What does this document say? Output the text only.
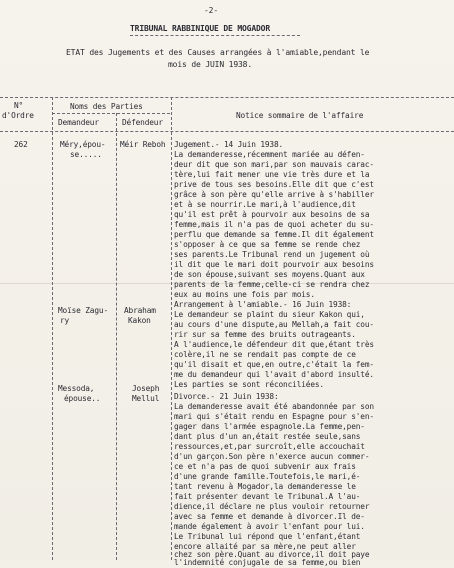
-2-
TRIBUNAL RABBINIQUE DE MOGADOR
ETAT des Jugements et des Causes arrangées à l'amiable,pendant le
mois de JUIN 1938.
N°
d'Ordre
Noms des Parties
Demandeur	Défendeur
Notice sommaire de l'affaire
262	Méry,épou-
se.....
Méir Reboh Jugement.- 14 Juin 1938.
La demanderesse,récemment mariée au défen-
deur dit que son mari,par son mauvais carac-
tère,lui fait mener une vie très dure et la
prive de tous ses besoins.Elle dit que c'est
grâce à son père qu'elle arrive à s'habiller
et à se nourrir.Le mari,à l'audience,dit
qu'il est prêt à pourvoir aux besoins de sa
femme,mais il n'a pas de quoi acheter du su-
perflu que demande sa femme.Il dit également
s'opposer à ce que sa femme se rende chez
ses parents.Le Tribunal rend un jugement où
il dit que le mari doit pourvoir aux besoins
de son épouse,suivant ses moyens.Quant aux
parents de la femme,celle-ci se rendra chez
eux au moins une fois par mois.
Moïse Zagu-
ry
Abraham
Kakon
Arrangement à l'amiable.- 16 Juin 1938:
Le demandeur se plaint du sieur Kakon qui,
au cours d'une dispute,au Mellah,a fait cou-
rir sur sa femme des bruits outrageants.
A l'audience,le défendeur dit que,étant très
colère,il ne se rendait pas compte de ce
qu'il disait et que,en outre,c'était la fem-
me du demandeur qui l'avait d'abord insulté.
Les parties se sont réconciliées.
Messoda,
épouse..
Joseph
Mellul Divorce.- 21 Juin 1938:
La demanderesse avait été abandonnée par son
mari qui s'était rendu en Espagne pour s'en-
gager dans l'armée espagnole.La femme,pen-
dant plus d'un an,était restée seule,sans
ressources,et,par surcroît,elle accouchait
d'un garçon.Son père n'exerce aucun commer-
ce et n'a pas de quoi subvenir aux frais
d'une grande famille.Toutefois,le mari,é-
tant revenu à Mogador,la demanderesse le
fait présenter devant le Tribunal.A l'au-
dience,il déclare ne plus vouloir retourner
avec sa femme et demande à divorcer.Il de-
mande également à avoir l'enfant pour lui.
Le Tribunal lui répond que l'enfant,étant
encore allaité par sa mère,ne peut aller
chez son père.Quant au divorce,il doit paye
l'indemnité conjugale de sa femme,ou bien
